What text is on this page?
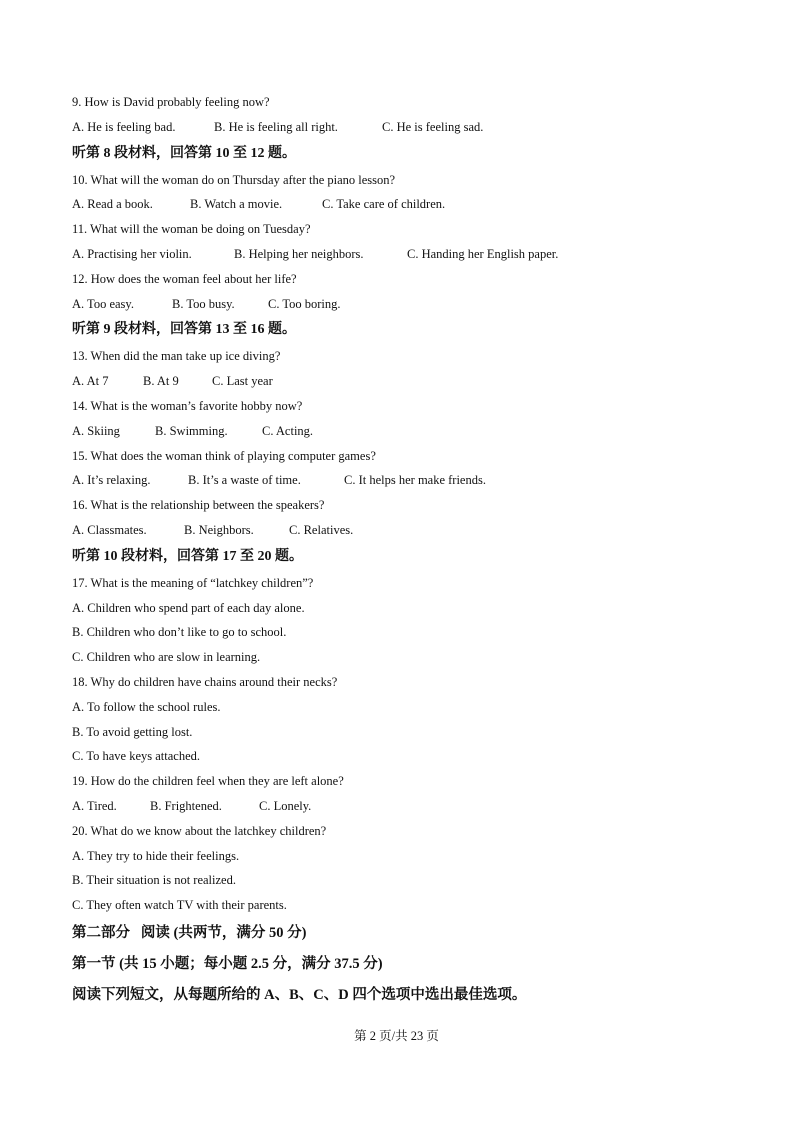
9. How is David probably feeling now?
A. He is feeling bad.	B. He is feeling all right.	C. He is feeling sad.
听第 8 段材料，回答第 10 至 12 题。
10. What will the woman do on Thursday after the piano lesson?
A. Read a book.	B. Watch a movie.	C. Take care of children.
11. What will the woman be doing on Tuesday?
A. Practising her violin.	B. Helping her neighbors.	C. Handing her English paper.
12. How does the woman feel about her life?
A. Too easy.	B. Too busy.	C. Too boring.
听第 9 段材料，回答第 13 至 16 题。
13. When did the man take up ice diving?
A. At 7	B. At 9	C. Last year
14. What is the woman’s favorite hobby now?
A. Skiing	B. Swimming.	C. Acting.
15. What does the woman think of playing computer games?
A. It’s relaxing.	B. It’s a waste of time.	C. It helps her make friends.
16. What is the relationship between the speakers?
A. Classmates.	B. Neighbors.	C. Relatives.
听第 10 段材料，回答第 17 至 20 题。
17. What is the meaning of “latchkey children”?
A. Children who spend part of each day alone.
B. Children who don’t like to go to school.
C. Children who are slow in learning.
18. Why do children have chains around their necks?
A. To follow the school rules.
B. To avoid getting lost.
C. To have keys attached.
19. How do the children feel when they are left alone?
A. Tired.	B. Frightened.	C. Lonely.
20. What do we know about the latchkey children?
A. They try to hide their feelings.
B. Their situation is not realized.
C. They often watch TV with their parents.
第二部分   阅读 (共两节，满分 50 分)
第一节 (共 15 小题；每小题 2.5 分，满分 37.5 分)
阅读下列短文，从每题所给的 A、B、C、D 四个选项中选出最佳选项。
第 2 页/共 23 页
